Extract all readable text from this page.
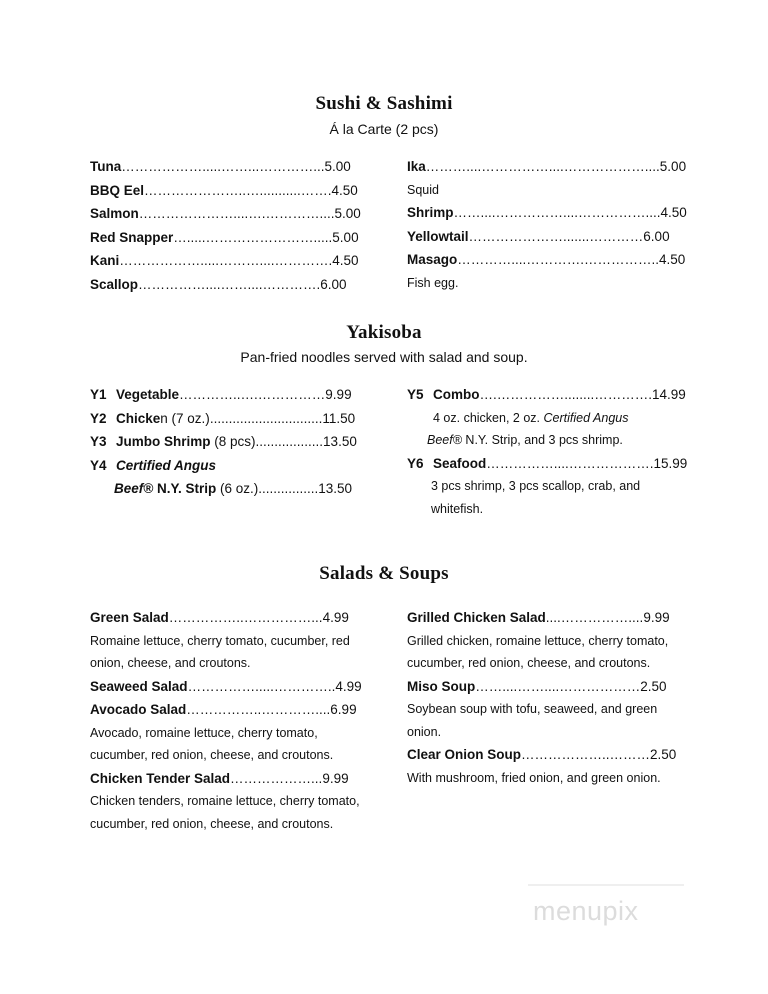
Sushi & Sashimi
Á la Carte (2 pcs)
Tuna……………….....……...…………...5.00
BBQ Eel…………………..…...........…….4.50
Salmon…………………....….…………....5.00
Red Snapper….....…………………….....5.00
Kani……………….....………....………….4.50
Scallop……………....……....………….6.00
Ika………....……………....………………....5.00
Squid
Shrimp……....……………....……………....4.50
Yellowtail………………….......…………6.00
Masago…………....………….……………..4.50
Fish egg.
Yakisoba
Pan-fried noodles served with salad and soup.
Y1 Vegetable…………..….……………9.99
Y2 Chicken (7 oz.)..............................11.50
Y3 Jumbo Shrimp (8 pcs)..................13.50
Y4 Certified Angus
Beef® N.Y. Strip (6 oz.)................13.50
Y5 Combo….……………........………….14.99
4 oz. chicken, 2 oz. Certified Angus
Beef® N.Y. Strip, and 3 pcs shrimp.
Y6 Seafood……………....……………….15.99
3 pcs shrimp, 3 pcs scallop, crab, and
whitefish.
Salads & Soups
Green Salad……………..……………...4.99
Romaine lettuce, cherry tomato, cucumber, red
onion, cheese, and croutons.
Seaweed Salad…………….....…………..4.99
Avocado Salad……………..…………....6.99
Avocado, romaine lettuce, cherry tomato,
cucumber, red onion, cheese, and croutons.
Chicken Tender Salad………………...9.99
Chicken tenders, romaine lettuce, cherry tomato,
cucumber, red onion, cheese, and croutons.
Grilled Chicken Salad....……………....9.99
Grilled chicken, romaine lettuce, cherry tomato,
cucumber, red onion, cheese, and croutons.
Miso Soup……....……....………………2.50
Soybean soup with tofu, seaweed, and green
onion.
Clear Onion Soup………………..………2.50
With mushroom, fried onion, and green onion.
menupix
